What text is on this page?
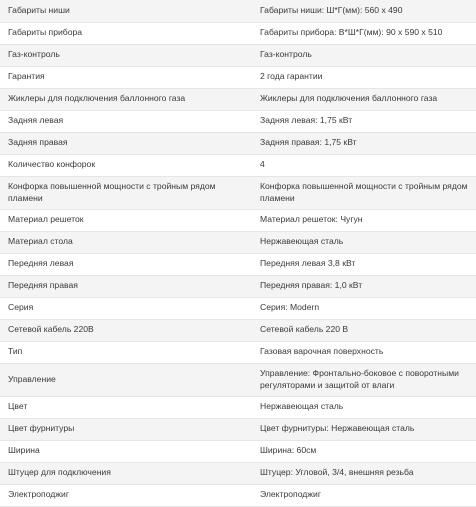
Габариты ниши	Габариты ниши: Ш*Г(мм): 560 x 490
Габариты прибора	Габариты прибора: В*Ш*Г(мм): 90 x 590 x 510
Газ-контроль	Газ-контроль
Гарантия	2 года гарантии
Жиклеры для подключения баллонного газа	Жиклеры для подключения баллонного газа
Задняя левая	Задняя левая: 1,75 кВт
Задняя правая	Задняя правая: 1,75 кВт
Количество конфорок	4
Конфорка повышенной мощности с тройным рядом пламени	Конфорка повышенной мощности с тройным рядом пламени
Материал решеток	Материал решеток: Чугун
Материал стола	Нержавеющая сталь
Передняя левая	Передняя левая 3,8 кВт
Передняя правая	Передняя правая: 1,0 кВт
Серия	Серия: Modern
Сетевой кабель 220В	Сетевой кабель 220 В
Тип	Газовая варочная поверхность
Управление	Управление: Фронтально-боковое с поворотными регуляторами и защитой от влаги
Цвет	Нержавеющая сталь
Цвет фурнитуры	Цвет фурнитуры: Нержавеющая сталь
Ширина	Ширина: 60см
Штуцер для подключения	Штуцер: Угловой, 3/4, внешняя резьба
Электроподжиг	Электроподжиг
